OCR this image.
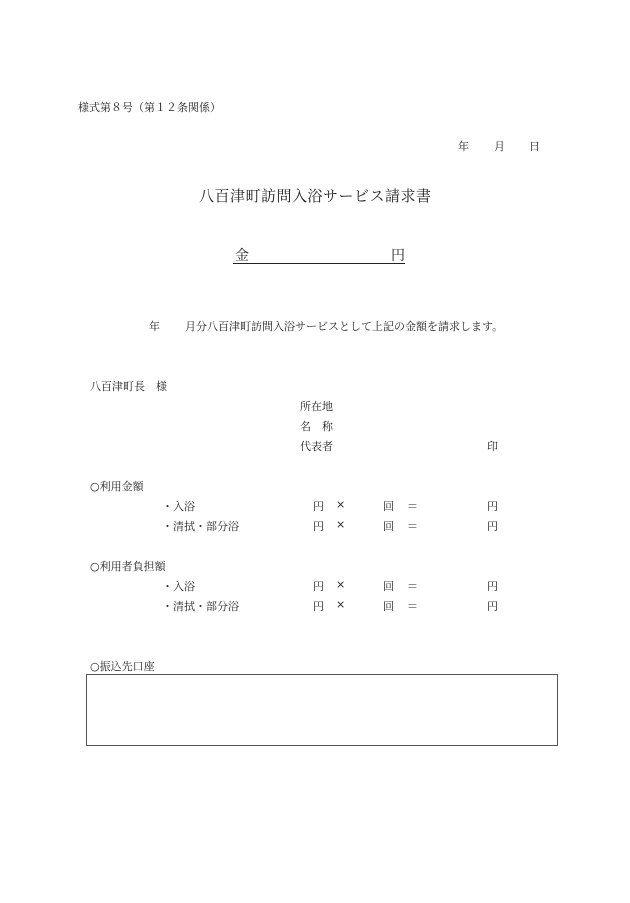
様式第８号（第１２条関係）
年 月 日
八百津町訪問入浴サービス請求書
金	円
年 月分八百津町訪問入浴サービスとして上記の金額を請求します。
八百津町長　様
所在地
名　称
代表者	印
○利用金額
・入浴	円 ×	回 ＝	円
・清拭・部分浴	円 ×	回 ＝	円
○利用者負担額
・入浴	円 ×	回 ＝	円
・清拭・部分浴	円 ×	回 ＝	円
○振込先口座
